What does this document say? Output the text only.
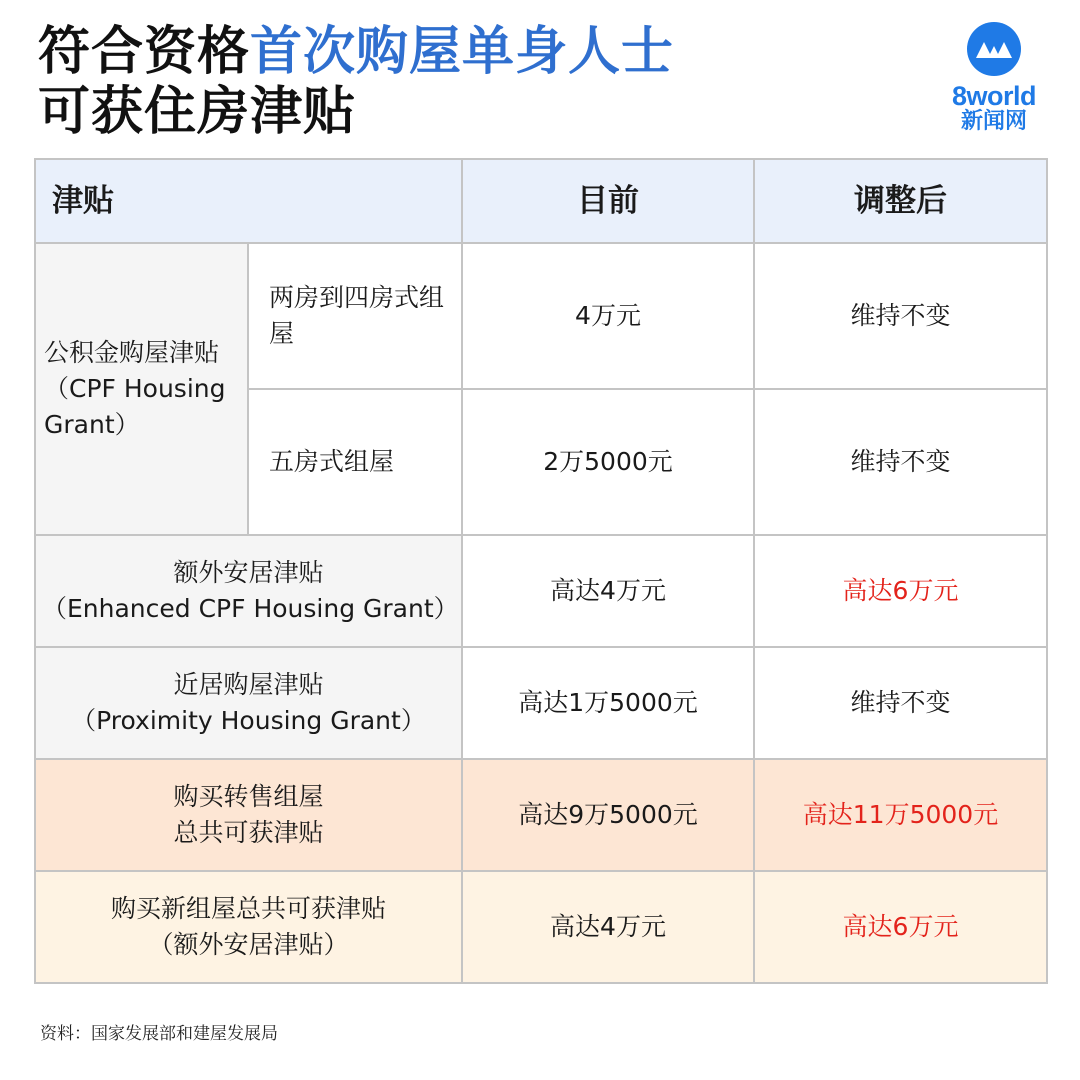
符合资格首次购屋单身人士
可获住房津贴	8world
新闻网
津贴		目前	调整后
公积金购屋津贴（CPF Housing Grant）	两房到四房式组屋	4万元	维持不变
	五房式组屋	2万5000元	维持不变

额外安居津贴
（Enhanced CPF Housing Grant）		高达4万元	高达6万元

近居购屋津贴
（Proximity Housing Grant）		高达1万5000元	维持不变

购买转售组屋
总共可获津贴		高达9万5000元	高达11万5000元

购买新组屋总共可获津贴
（额外安居津贴）		高达4万元	高达6万元
资料：国家发展部和建屋发展局
